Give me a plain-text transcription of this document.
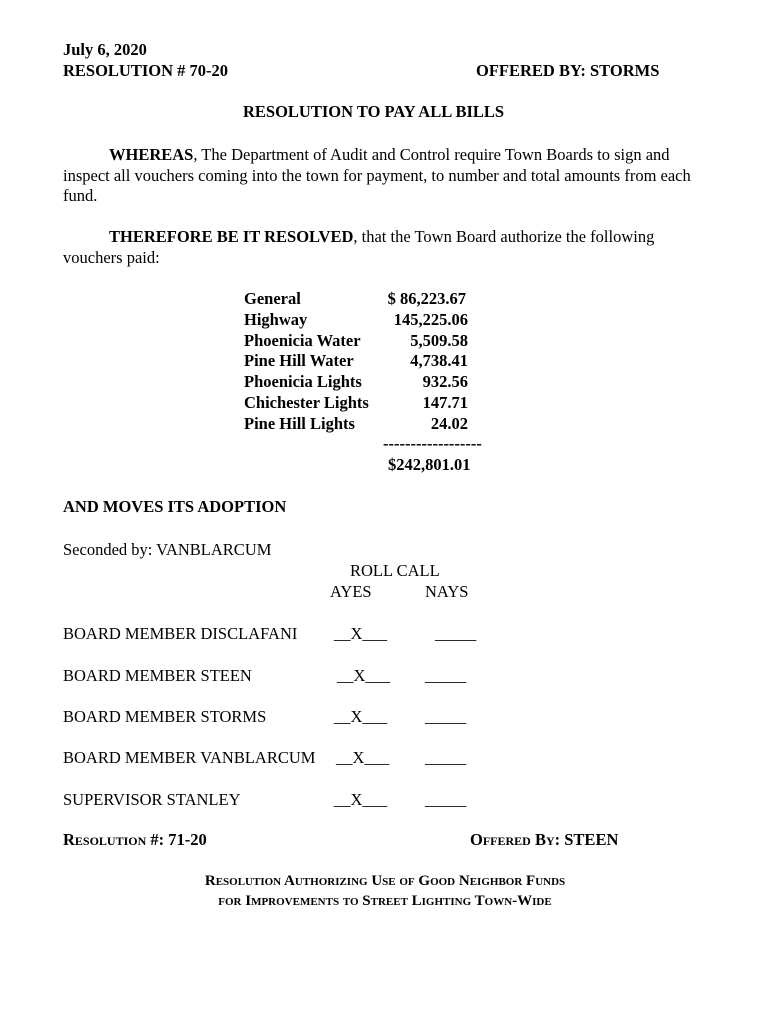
July 6, 2020
RESOLUTION # 70-20	OFFERED BY: STORMS
RESOLUTION TO PAY ALL BILLS
WHEREAS, The Department of Audit and Control require Town Boards to sign and inspect all vouchers coming into the town for payment, to number and total amounts from each fund.
THEREFORE BE IT RESOLVED, that the Town Board authorize the following vouchers paid:
General	$ 86,223.67
Highway	145,225.06
Phoenicia Water	5,509.58
Pine Hill Water	4,738.41
Phoenicia Lights	932.56
Chichester Lights	147.71
Pine Hill Lights	24.02
------------------
$242,801.01
AND MOVES ITS ADOPTION
Seconded by: VANBLARCUM
ROLL CALL
AYES	NAYS
BOARD MEMBER DISCLAFANI __X___	_____
BOARD MEMBER STEEN	__X___ _____
BOARD MEMBER STORMS	__X___ _____
BOARD MEMBER VANBLARCUM __X___ _____
SUPERVISOR STANLEY	__X___ _____
Resolution #: 71-20	Offered By: STEEN
Resolution Authorizing Use of Good Neighbor Funds
for Improvements to Street Lighting Town-Wide
